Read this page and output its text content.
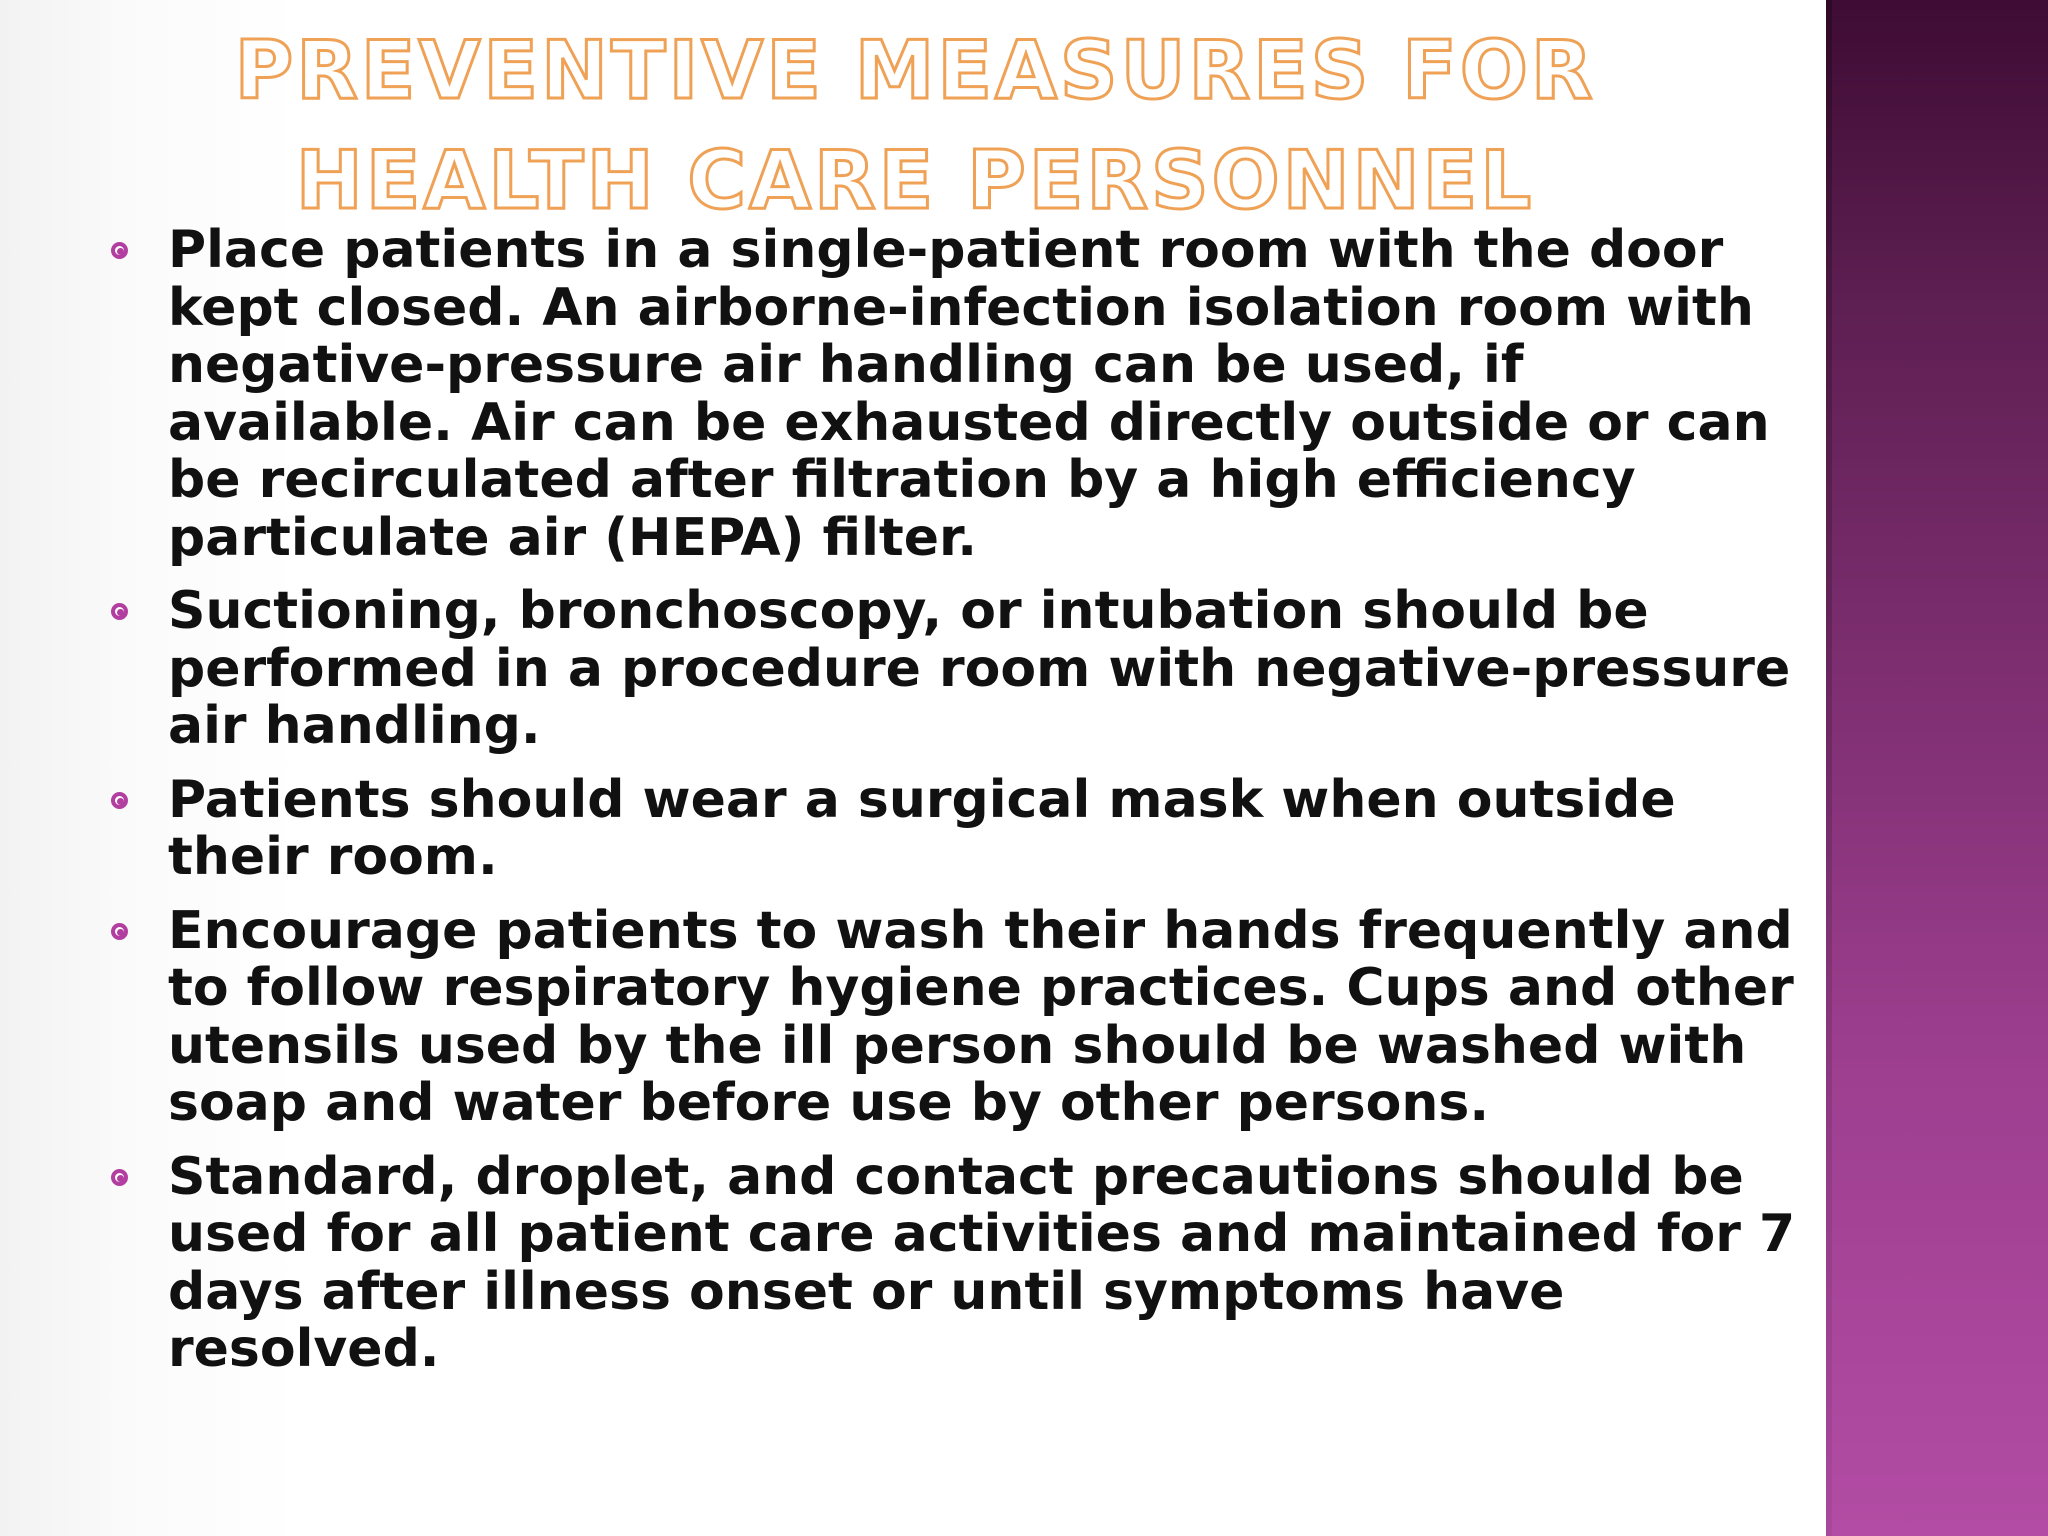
PREVENTIVE MEASURES FOR HEALTH CARE PERSONNEL
Place patients in a single-patient room with the door kept closed. An airborne-infection isolation room with negative-pressure air handling can be used, if available. Air can be exhausted directly outside or can be recirculated after filtration by a high efficiency particulate air (HEPA) filter.
Suctioning, bronchoscopy, or intubation should be performed in a procedure room with negative-pressure air handling.
Patients should wear a surgical mask when outside their room.
Encourage patients to wash their hands frequently and to follow respiratory hygiene practices. Cups and other utensils used by the ill person should be washed with soap and water before use by other persons.
Standard, droplet, and contact precautions should be used for all patient care activities and maintained for 7 days after illness onset or until symptoms have resolved.
